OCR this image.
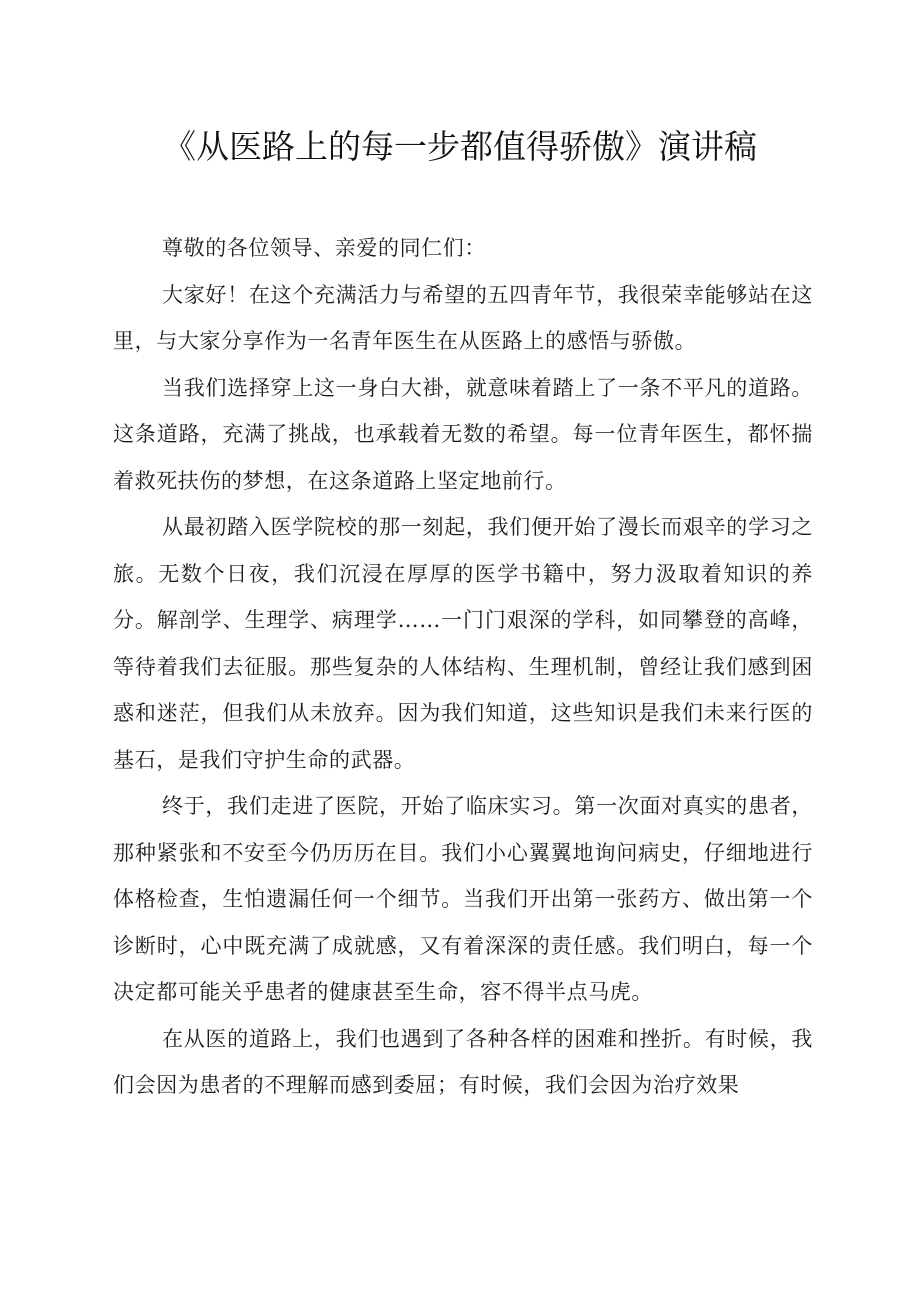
《从医路上的每一步都值得骄傲》演讲稿

尊敬的各位领导、亲爱的同仁们：

大家好！在这个充满活力与希望的五四青年节，我很荣幸能够站在这里，与大家分享作为一名青年医生在从医路上的感悟与骄傲。

当我们选择穿上这一身白大褂，就意味着踏上了一条不平凡的道路。这条道路，充满了挑战，也承载着无数的希望。每一位青年医生，都怀揣着救死扶伤的梦想，在这条道路上坚定地前行。

从最初踏入医学院校的那一刻起，我们便开始了漫长而艰辛的学习之旅。无数个日夜，我们沉浸在厚厚的医学书籍中，努力汲取着知识的养分。解剖学、生理学、病理学……一门门艰深的学科，如同攀登的高峰，等待着我们去征服。那些复杂的人体结构、生理机制，曾经让我们感到困惑和迷茫，但我们从未放弃。因为我们知道，这些知识是我们未来行医的基石，是我们守护生命的武器。

终于，我们走进了医院，开始了临床实习。第一次面对真实的患者，那种紧张和不安至今仍历历在目。我们小心翼翼地询问病史，仔细地进行体格检查，生怕遗漏任何一个细节。当我们开出第一张药方、做出第一个诊断时，心中既充满了成就感，又有着深深的责任感。我们明白，每一个决定都可能关乎患者的健康甚至生命，容不得半点马虎。

在从医的道路上，我们也遇到了各种各样的困难和挫折。有时候，我们会因为患者的不理解而感到委屈；有时候，我们会因为治疗效果
